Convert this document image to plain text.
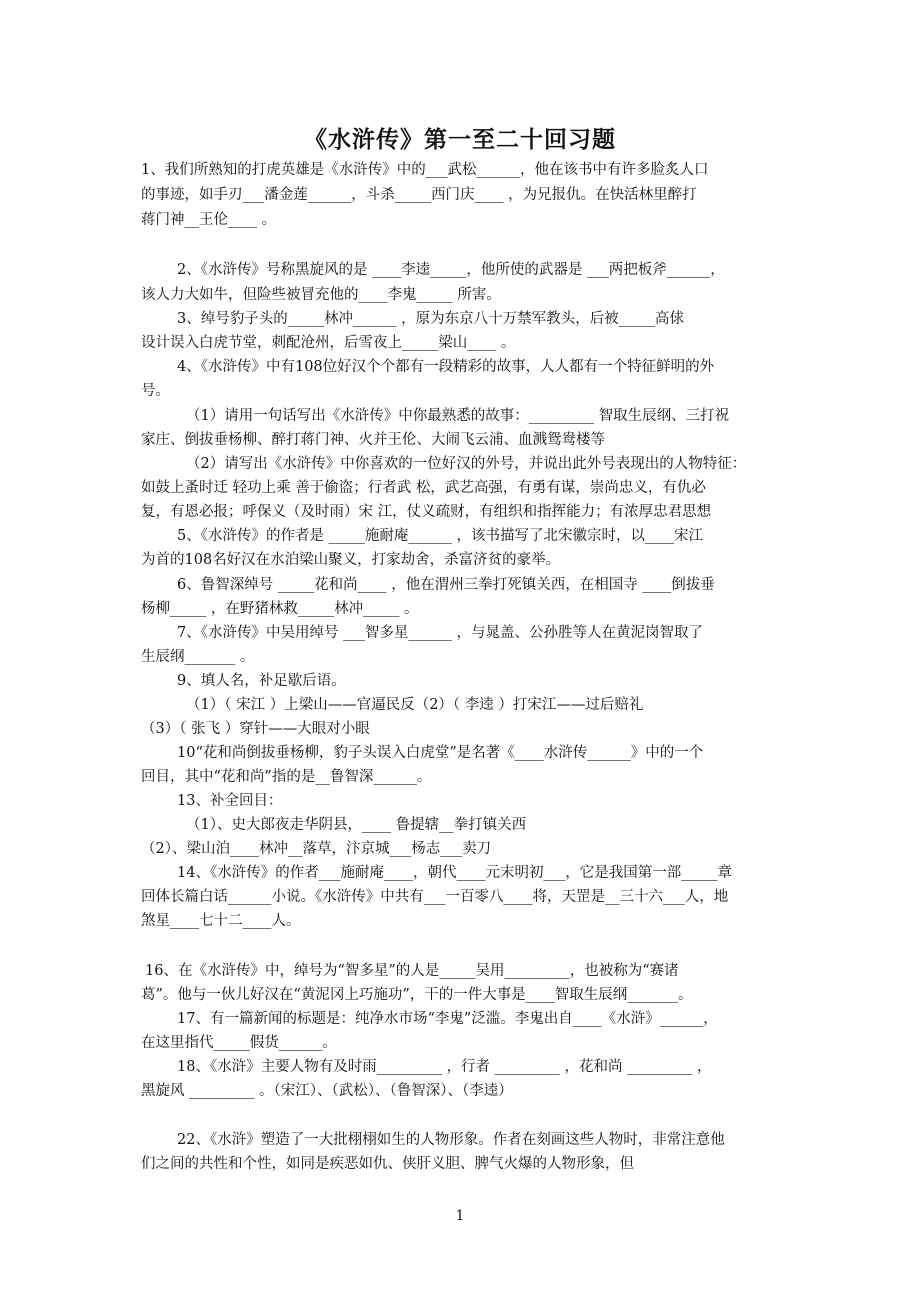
《水浒传》第一至二十回习题
1、我们所熟知的打虎英雄是《水浒传》中的___武松______，他在该书中有许多脸炙人口
的事迹，如手刃___潘金莲______，斗杀_____西门庆____ ，为兄报仇。在快活林里醉打
蒋门神__王伦____ 。
2、《水浒传》号称黑旋风的是 ____李逵_____，他所使的武器是 ___两把板斧______，
该人力大如牛，但险些被冒充他的____李鬼_____ 所害。
3、绰号豹子头的_____林冲______ ，原为东京八十万禁军教头，后被_____高俅
设计误入白虎节堂，刺配沧州，后雪夜上_____梁山____ 。
4、《水浒传》中有108位好汉个个都有一段精彩的故事，人人都有一个特征鲜明的外
号。
（1）请用一句话写出《水浒传》中你最熟悉的故事：_________ 智取生辰纲、三打祝
家庄、倒拔垂杨柳、醉打蒋门神、火并王伦、大闹飞云浦、血溅鸳鸯楼等
（2）请写出《水浒传》中你喜欢的一位好汉的外号，并说出此外号表现出的人物特征：
如鼓上蚤时迁 轻功上乘 善于偷盗；行者武 松，武艺高强，有勇有谋，崇尚忠义，有仇必
复，有恩必报；呼保义（及时雨）宋 江，仗义疏财，有组织和指挥能力；有浓厚忠君思想
5、《水浒传》的作者是 _____施耐庵______ ，该书描写了北宋徽宗时，以____宋江
为首的108名好汉在水泊梁山聚义，打家劫舍，杀富济贫的豪举。
6、鲁智深绰号 _____花和尚____ ，他在渭州三拳打死镇关西，在相国寺 ____倒拔垂
杨柳_____ ，在野猪林救_____林冲_____ 。
7、《水浒传》中吴用绰号 ___智多星______ ，与晁盖、公孙胜等人在黄泥岗智取了
生辰纲_______ 。
9、填人名，补足歇后语。
（1）（ 宋江 ）上梁山——官逼民反（2）（ 李逵 ）打宋江——过后赔礼
（3）（ 张飞 ）穿针——大眼对小眼
10“花和尚倒拔垂杨柳，豹子头误入白虎堂”是名著《____水浒传______》中的一个
回目，其中“花和尚”指的是__鲁智深______。
13、补全回目：
（1）、史大郎夜走华阴县，____ 鲁提辖__拳打镇关西
（2）、梁山泊____林冲__落草，汴京城___杨志___卖刀
14、《水浒传》的作者___施耐庵____，朝代____元末明初___，它是我国第一部_____章
回体长篇白话______小说。《水浒传》中共有___一百零八____将，天罡是__三十六___人，地
煞星____七十二____人。
16、在《水浒传》中，绰号为“智多星”的人是_____吴用_________，也被称为“赛诸
葛”。他与一伙儿好汉在“黄泥冈上巧施功”，干的一件大事是____智取生辰纲_______。
17、有一篇新闻的标题是：纯净水市场“李鬼”泛滥。李鬼出自____《水浒》______，
在这里指代_____假货______。
18、《水浒》主要人物有及时雨_________ ，行者 _________ ，花和尚 _________ ，
黑旋风 _________ 。（宋江）、（武松）、（鲁智深）、（李逵）
22、《水浒》塑造了一大批栩栩如生的人物形象。作者在刻画这些人物时，非常注意他
们之间的共性和个性，如同是疾恶如仇、侠肝义胆、脾气火爆的人物形象，但
1
